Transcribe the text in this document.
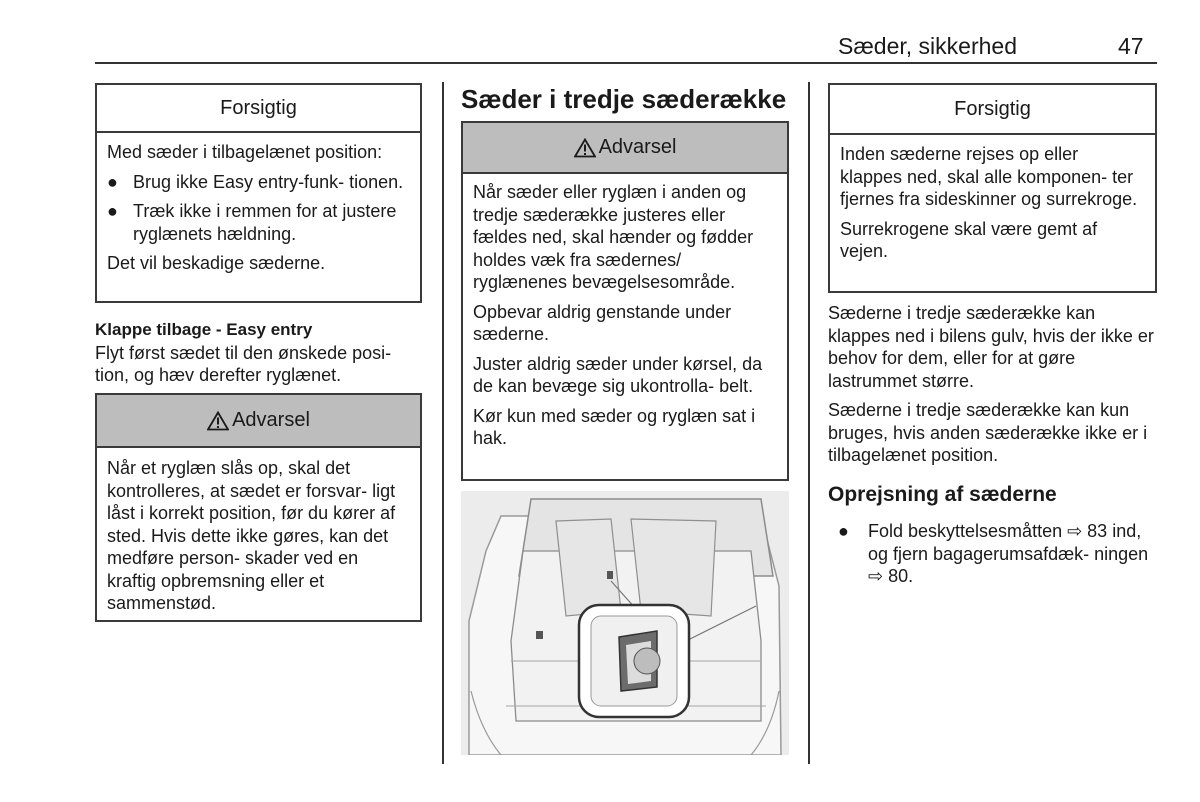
Sæder, sikkerhed	47
Forsigtig

Med sæder i tilbagelænet position:

● Brug ikke Easy entry-funk- tionen.
● Træk ikke i remmen for at justere ryglænets hældning.

Det vil beskadige sæderne.

Klappe tilbage - Easy entry
Flyt først sædet til den ønskede posi- tion, og hæv derefter ryglænet.
Advarsel

Når et ryglæn slås op, skal det kontrolleres, at sædet er forsvar- ligt låst i korrekt position, før du kører af sted. Hvis dette ikke gøres, kan det medføre person- skader ved en kraftig opbremsning eller et sammenstød.

Sæder i tredje sæderække
Advarsel

Når sæder eller ryglæn i anden og tredje sæderække justeres eller fældes ned, skal hænder og fødder holdes væk fra sædernes/ ryglænenes bevægelsesområde.

Opbevar aldrig genstande under sæderne.

Juster aldrig sæder under kørsel, da de kan bevæge sig ukontrolla- belt.

Kør kun med sæder og ryglæn sat i hak.

Forsigtig

Inden sæderne rejses op eller klappes ned, skal alle komponen- ter fjernes fra sideskinner og surrekroge.

Surrekrogene skal være gemt af vejen.

Sæderne i tredje sæderække kan klappes ned i bilens gulv, hvis der ikke er behov for dem, eller for at gøre lastrummet større.

Sæderne i tredje sæderække kan kun bruges, hvis anden sæderække ikke er i tilbagelænet position.

Oprejsning af sæderne
●	Fold beskyttelsesmåtten ⇨ 83 ind, og fjern bagagerumsafdæk- ningen ⇨ 80.
